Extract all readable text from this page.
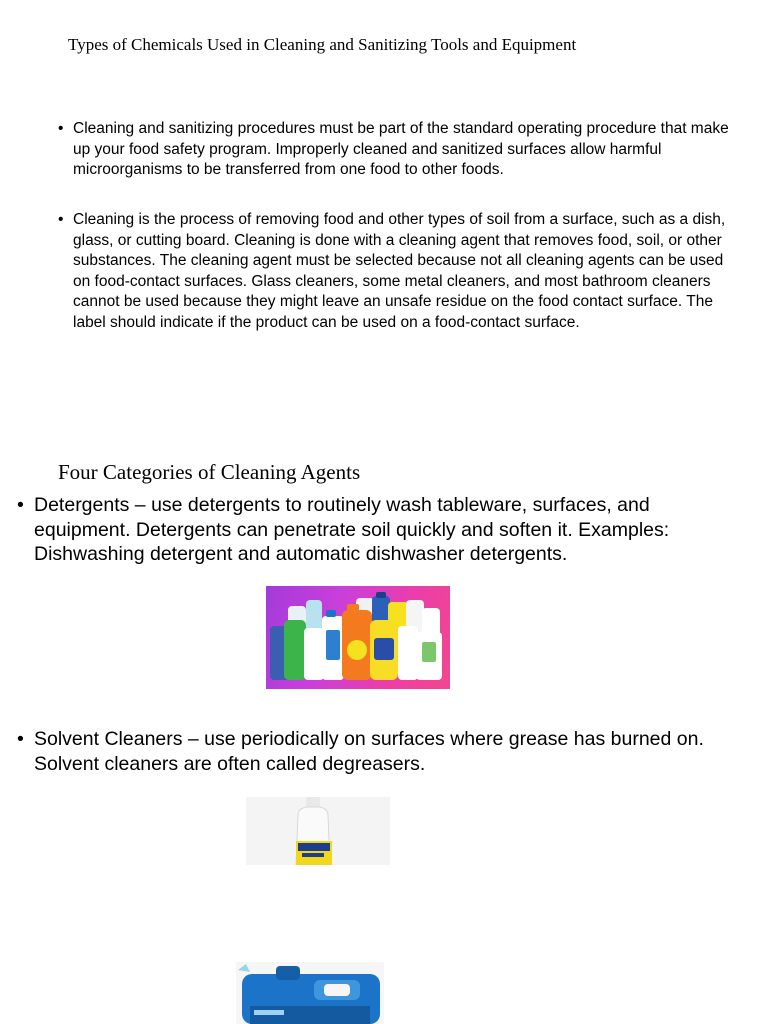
Types of Chemicals Used in Cleaning and Sanitizing Tools and Equipment
• Cleaning and sanitizing procedures must be part of the standard operating procedure that make up your food safety program. Improperly cleaned and sanitized surfaces allow harmful microorganisms to be transferred from one food to other foods.
• Cleaning is the process of removing food and other types of soil from a surface, such as a dish, glass, or cutting board. Cleaning is done with a cleaning agent that removes food, soil, or other substances. The cleaning agent must be selected because not all cleaning agents can be used on food-contact surfaces. Glass cleaners, some metal cleaners, and most bathroom cleaners cannot be used because they might leave an unsafe residue on the food contact surface. The label should indicate if the product can be used on a food-contact surface.
Four Categories of Cleaning Agents
• Detergents – use detergents to routinely wash tableware, surfaces, and equipment. Detergents can penetrate soil quickly and soften it. Examples: Dishwashing detergent and automatic dishwasher detergents.
• Solvent Cleaners – use periodically on surfaces where grease has burned on. Solvent cleaners are often called degreasers.
